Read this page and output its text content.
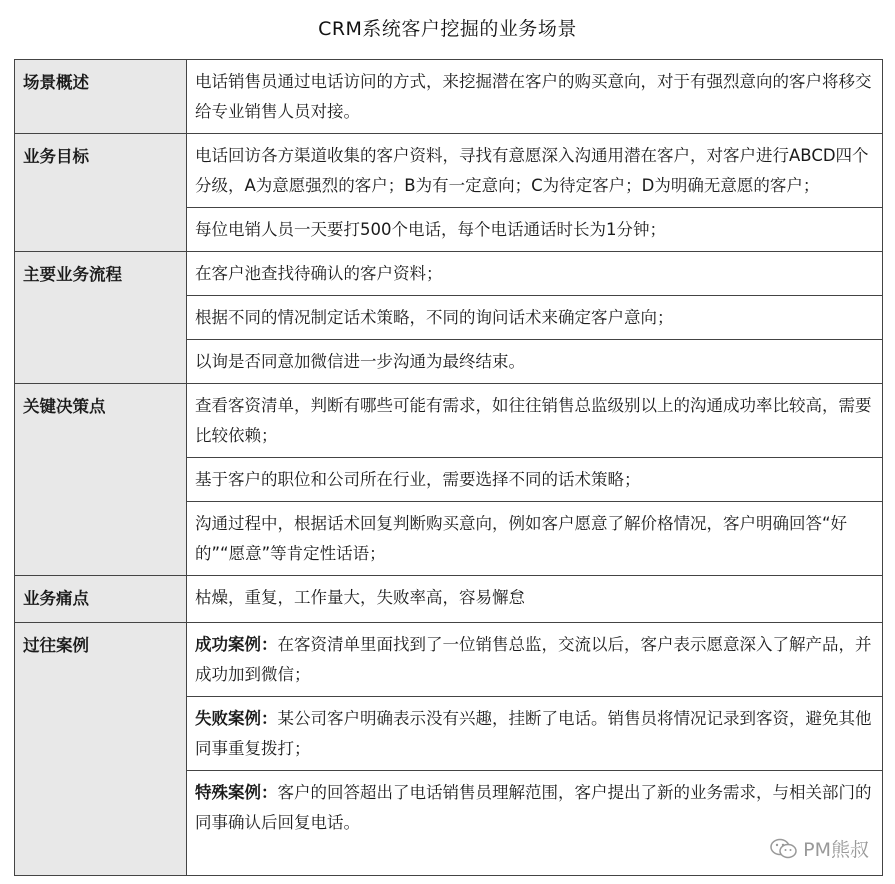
CRM系统客户挖掘的业务场景
场景概述	电话销售员通过电话访问的方式，来挖掘潜在客户的购买意向，对于有强烈意向的客户将移交给专业销售人员对接。
业务目标	电话回访各方渠道收集的客户资料，寻找有意愿深入沟通用潜在客户，对客户进行ABCD四个分级，A为意愿强烈的客户；B为有一定意向；C为待定客户；D为明确无意愿的客户；
	每位电销人员一天要打500个电话，每个电话通话时长为1分钟；
主要业务流程	在客户池查找待确认的客户资料；
	根据不同的情况制定话术策略，不同的询问话术来确定客户意向；
	以询是否同意加微信进一步沟通为最终结束。
关键决策点	查看客资清单，判断有哪些可能有需求，如往往销售总监级别以上的沟通成功率比较高，需要比较依赖；
	基于客户的职位和公司所在行业，需要选择不同的话术策略；
	沟通过程中，根据话术回复判断购买意向，例如客户愿意了解价格情况，客户明确回答“好的”“愿意”等肯定性话语；
业务痛点	枯燥，重复，工作量大，失败率高，容易懈怠
过往案例	成功案例：在客资清单里面找到了一位销售总监，交流以后，客户表示愿意深入了解产品，并成功加到微信；
	失败案例：某公司客户明确表示没有兴趣，挂断了电话。销售员将情况记录到客资，避免其他同事重复拨打；
	特殊案例：客户的回答超出了电话销售员理解范围，客户提出了新的业务需求，与相关部门的同事确认后回复电话。
PM熊叔
